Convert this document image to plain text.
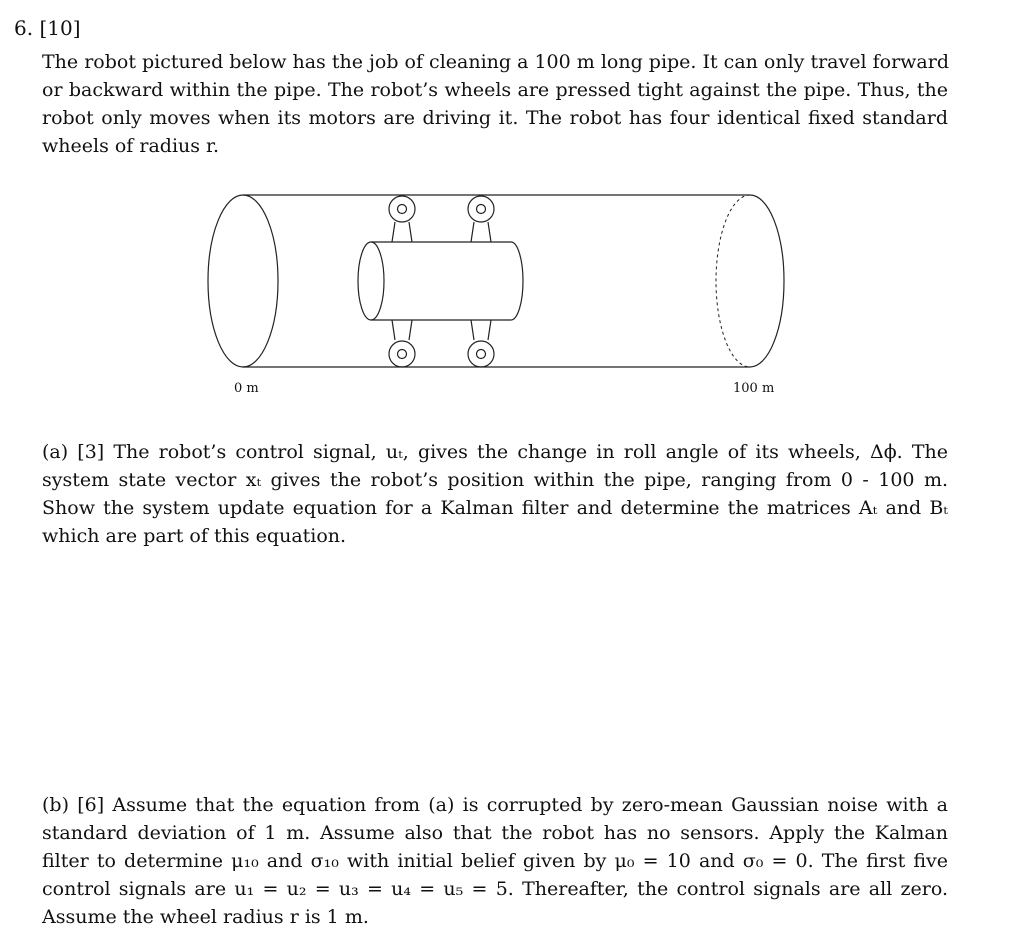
6. [10]
The robot pictured below has the job of cleaning a 100 m long pipe. It can only travel forward
or backward within the pipe. The robot’s wheels are pressed tight against the pipe. Thus, the
robot only moves when its motors are driving it. The robot has four identical fixed standard
wheels of radius r.
0 m	100 m
(a) [3] The robot’s control signal, uₜ, gives the change in roll angle of its wheels, Δϕ. The
system state vector xₜ gives the robot’s position within the pipe, ranging from 0 - 100 m.
Show the system update equation for a Kalman filter and determine the matrices Aₜ and Bₜ
which are part of this equation.
(b) [6] Assume that the equation from (a) is corrupted by zero-mean Gaussian noise with a
standard deviation of 1 m. Assume also that the robot has no sensors. Apply the Kalman
filter to determine μ₁₀ and σ₁₀ with initial belief given by μ₀ = 10 and σ₀ = 0. The first five
control signals are u₁ = u₂ = u₃ = u₄ = u₅ = 5. Thereafter, the control signals are all zero.
Assume the wheel radius r is 1 m.
